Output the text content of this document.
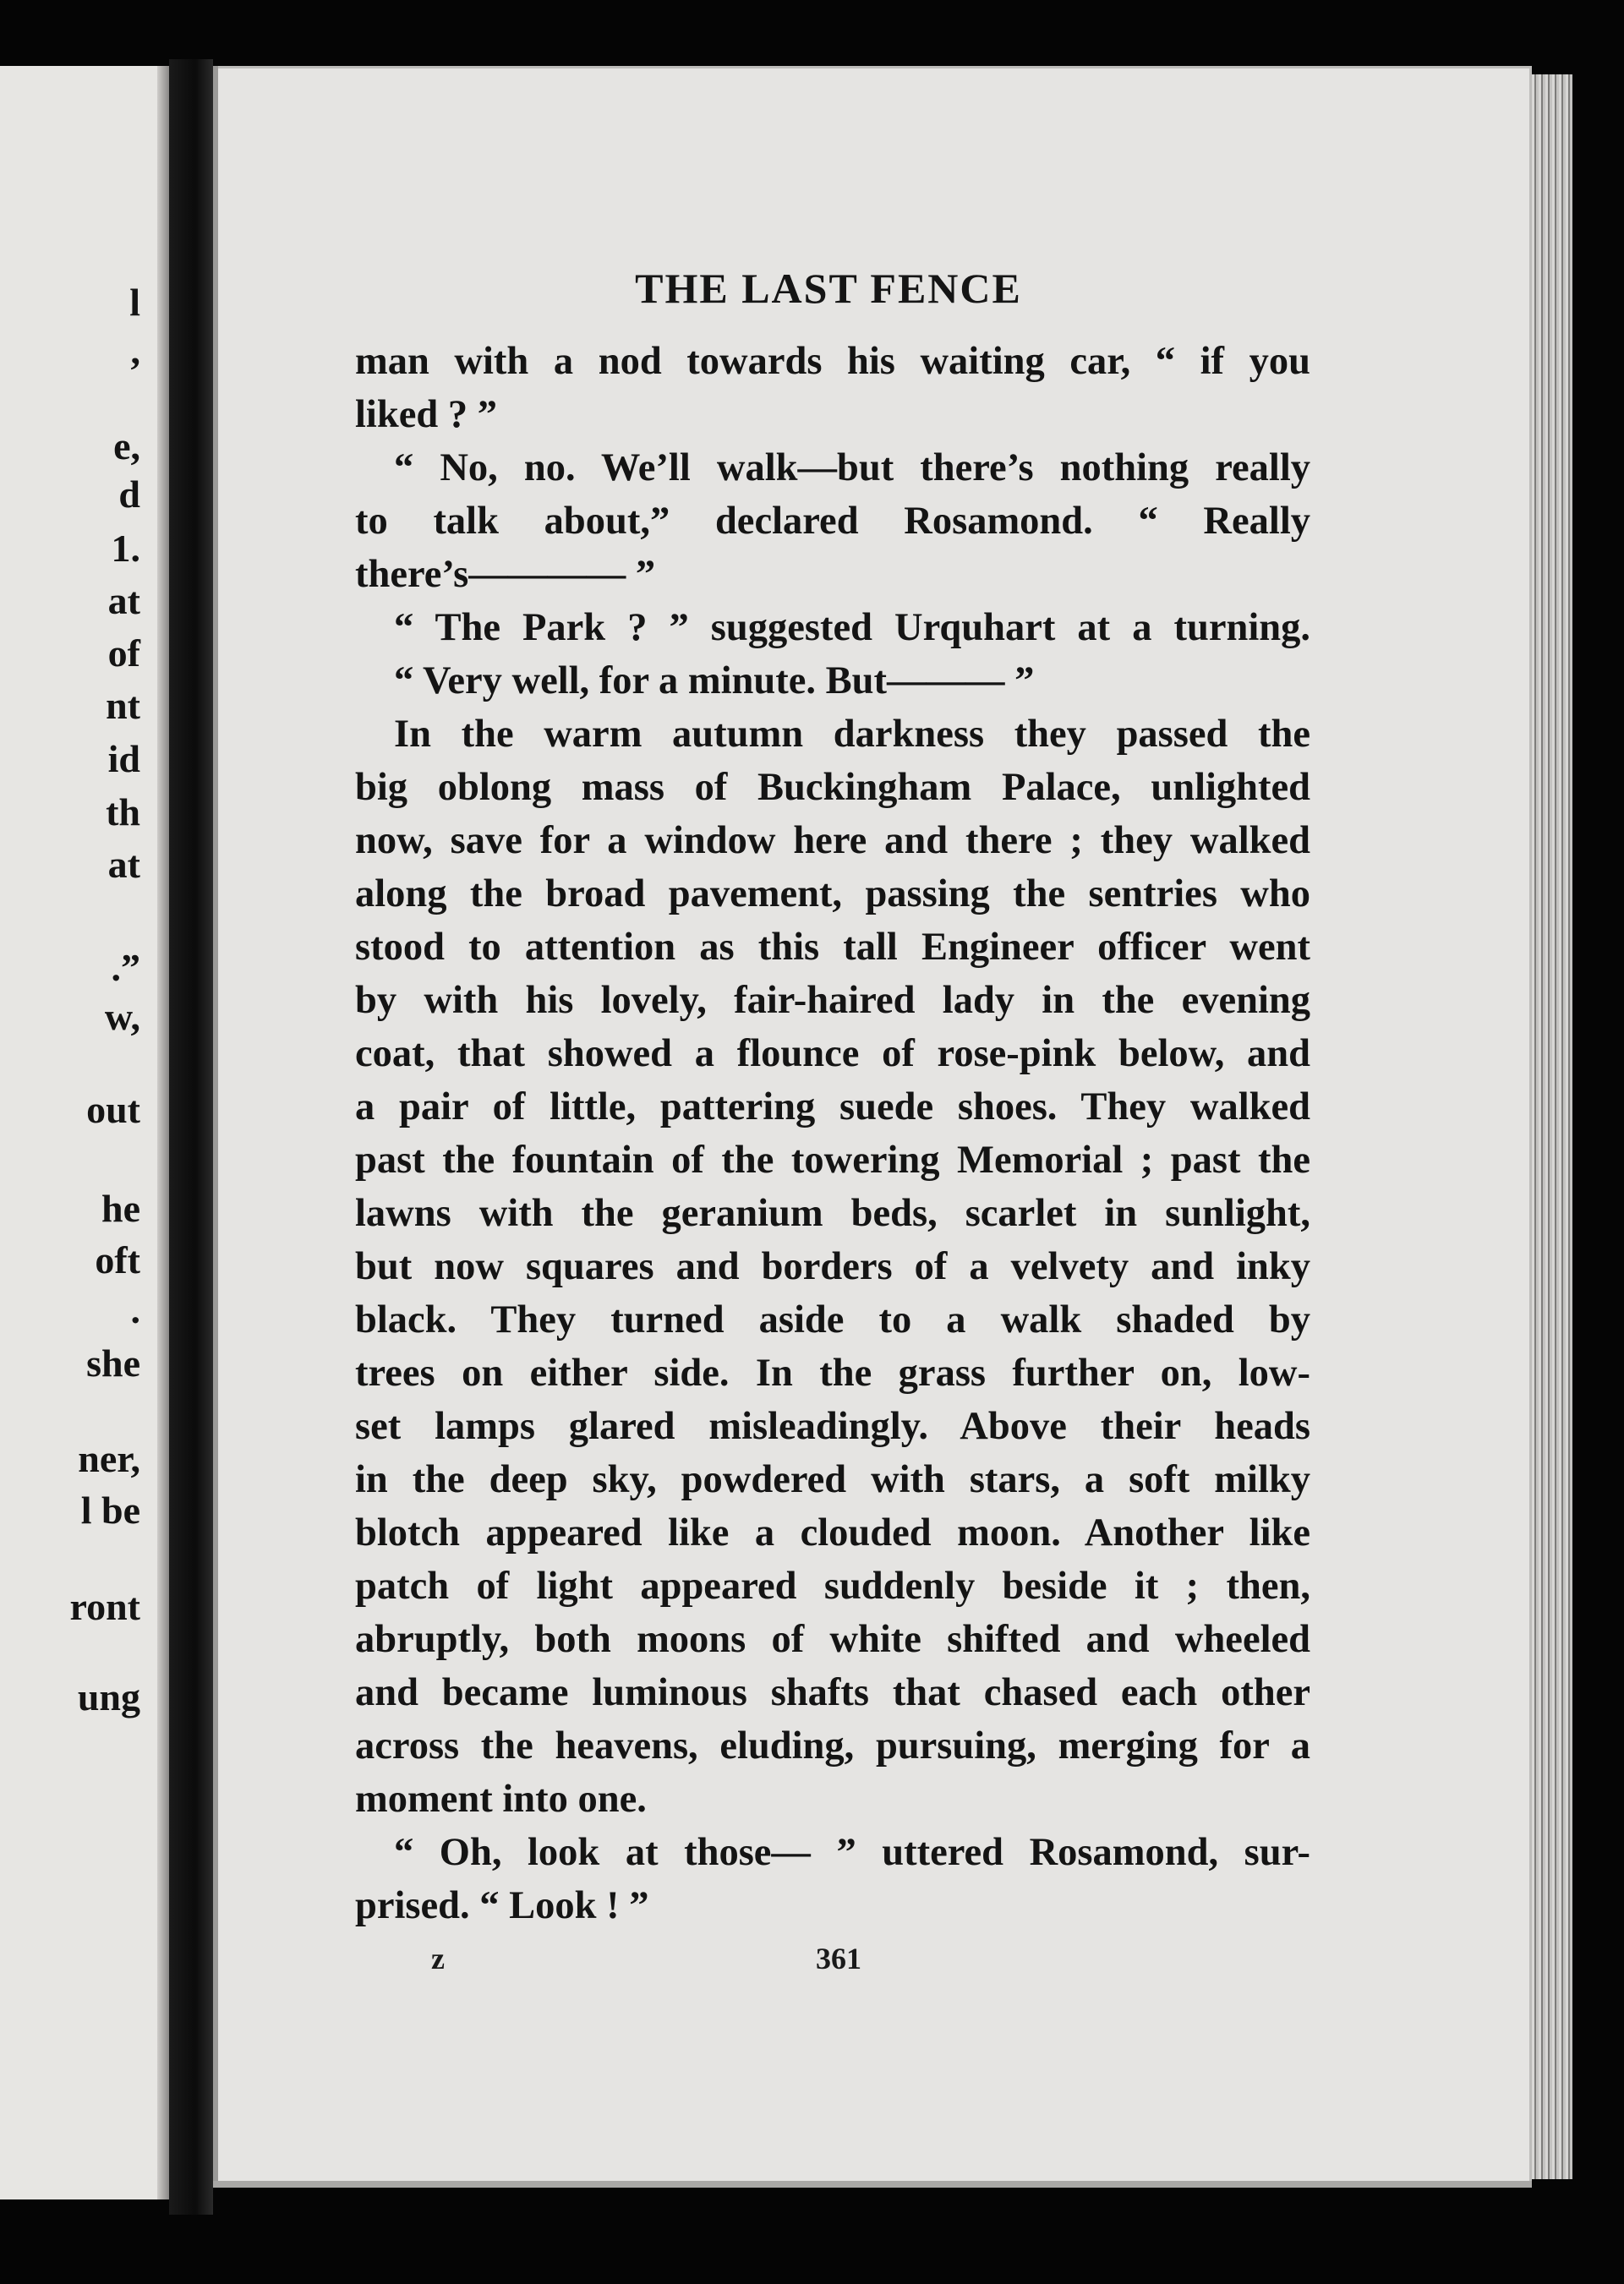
l
,
e,
d
1.
at
of
nt
id
th
at
.”
w,
out
he
oft
.
she
ner,
l be
ront
ung
THE LAST FENCE
man with a nod towards his waiting car, “ if you
liked ? ”
“ No, no. We’ll walk—but there’s nothing really
to talk about,” declared Rosamond. “ Really
there’s———— ”
“ The Park ? ” suggested Urquhart at a turning.
“ Very well, for a minute. But——— ”
In the warm autumn darkness they passed the
big oblong mass of Buckingham Palace, unlighted
now, save for a window here and there ; they walked
along the broad pavement, passing the sentries who
stood to attention as this tall Engineer officer went
by with his lovely, fair-haired lady in the evening
coat, that showed a flounce of rose-pink below, and
a pair of little, pattering suede shoes. They walked
past the fountain of the towering Memorial ; past the
lawns with the geranium beds, scarlet in sunlight,
but now squares and borders of a velvety and inky
black. They turned aside to a walk shaded by
trees on either side. In the grass further on, low-
set lamps glared misleadingly. Above their heads
in the deep sky, powdered with stars, a soft milky
blotch appeared like a clouded moon. Another like
patch of light appeared suddenly beside it ; then,
abruptly, both moons of white shifted and wheeled
and became luminous shafts that chased each other
across the heavens, eluding, pursuing, merging for a
moment into one.
“ Oh, look at those— ” uttered Rosamond, sur-
prised. “ Look ! ”
z	361
